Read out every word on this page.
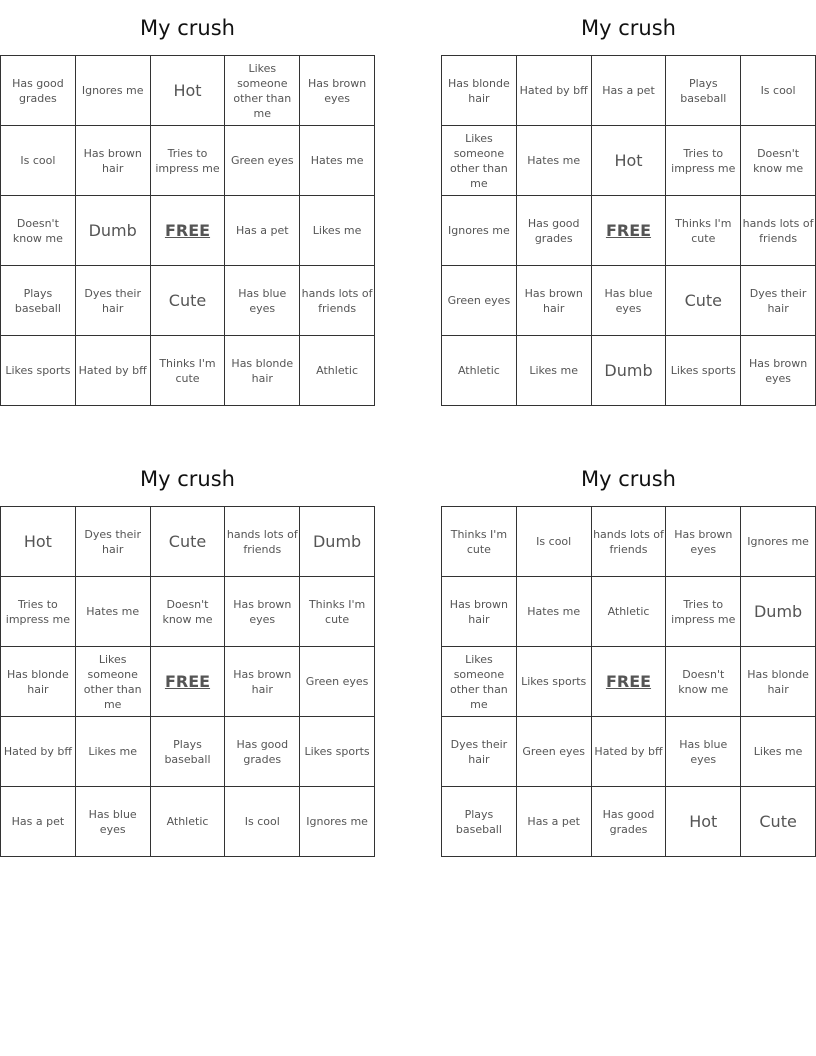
My crush
Has good grades	Ignores me	Hot	Likes someone other than me	Has brown eyes
Is cool	Has brown hair	Tries to impress me	Green eyes	Hates me
Doesn't know me	Dumb	FREE	Has a pet	Likes me
Plays baseball	Dyes their hair	Cute	Has blue eyes	hands lots of friends
Likes sports	Hated by bff	Thinks I'm cute	Has blonde hair	Athletic
My crush
Has blonde hair	Hated by bff	Has a pet	Plays baseball	Is cool
Likes someone other than me	Hates me	Hot	Tries to impress me	Doesn't know me
Ignores me	Has good grades	FREE	Thinks I'm cute	hands lots of friends
Green eyes	Has brown hair	Has blue eyes	Cute	Dyes their hair
Athletic	Likes me	Dumb	Likes sports	Has brown eyes
My crush
Hot	Dyes their hair	Cute	hands lots of friends	Dumb
Tries to impress me	Hates me	Doesn't know me	Has brown eyes	Thinks I'm cute
Has blonde hair	Likes someone other than me	FREE	Has brown hair	Green eyes
Hated by bff	Likes me	Plays baseball	Has good grades	Likes sports
Has a pet	Has blue eyes	Athletic	Is cool	Ignores me
My crush
Thinks I'm cute	Is cool	hands lots of friends	Has brown eyes	Ignores me
Has brown hair	Hates me	Athletic	Tries to impress me	Dumb
Likes someone other than me	Likes sports	FREE	Doesn't know me	Has blonde hair
Dyes their hair	Green eyes	Hated by bff	Has blue eyes	Likes me
Plays baseball	Has a pet	Has good grades	Hot	Cute
